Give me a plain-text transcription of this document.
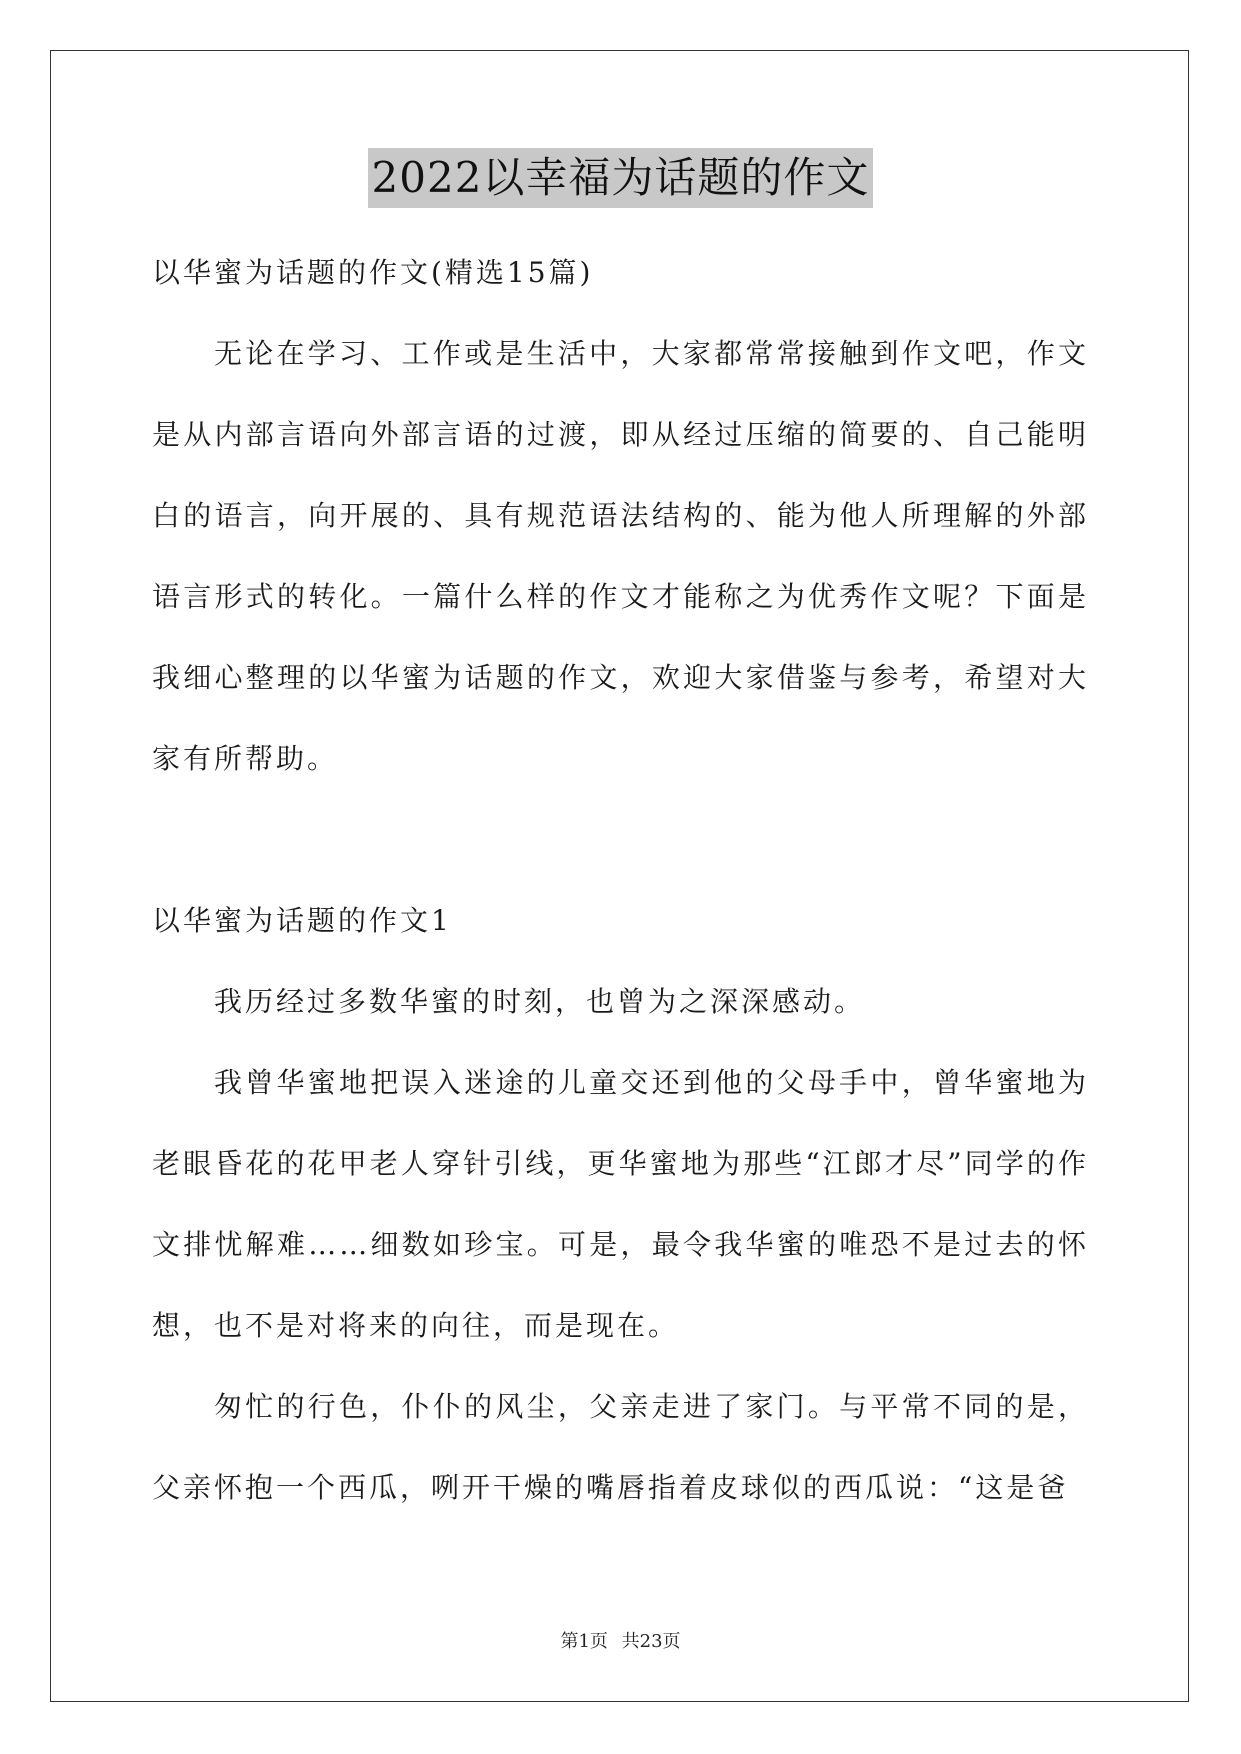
2022以幸福为话题的作文

以华蜜为话题的作文(精选15篇)

无论在学习、工作或是生活中，大家都常常接触到作文吧，作文是从内部言语向外部言语的过渡，即从经过压缩的简要的、自己能明白的语言，向开展的、具有规范语法结构的、能为他人所理解的外部语言形式的转化。一篇什么样的作文才能称之为优秀作文呢？下面是我细心整理的以华蜜为话题的作文，欢迎大家借鉴与参考，希望对大家有所帮助。

以华蜜为话题的作文1

我历经过多数华蜜的时刻，也曾为之深深感动。

我曾华蜜地把误入迷途的儿童交还到他的父母手中，曾华蜜地为老眼昏花的花甲老人穿针引线，更华蜜地为那些“江郎才尽”同学的作文排忧解难……细数如珍宝。可是，最令我华蜜的唯恐不是过去的怀想，也不是对将来的向往，而是现在。

匆忙的行色，仆仆的风尘，父亲走进了家门。与平常不同的是，父亲怀抱一个西瓜，咧开干燥的嘴唇指着皮球似的西瓜说：“这是爸

第1页 共23页
